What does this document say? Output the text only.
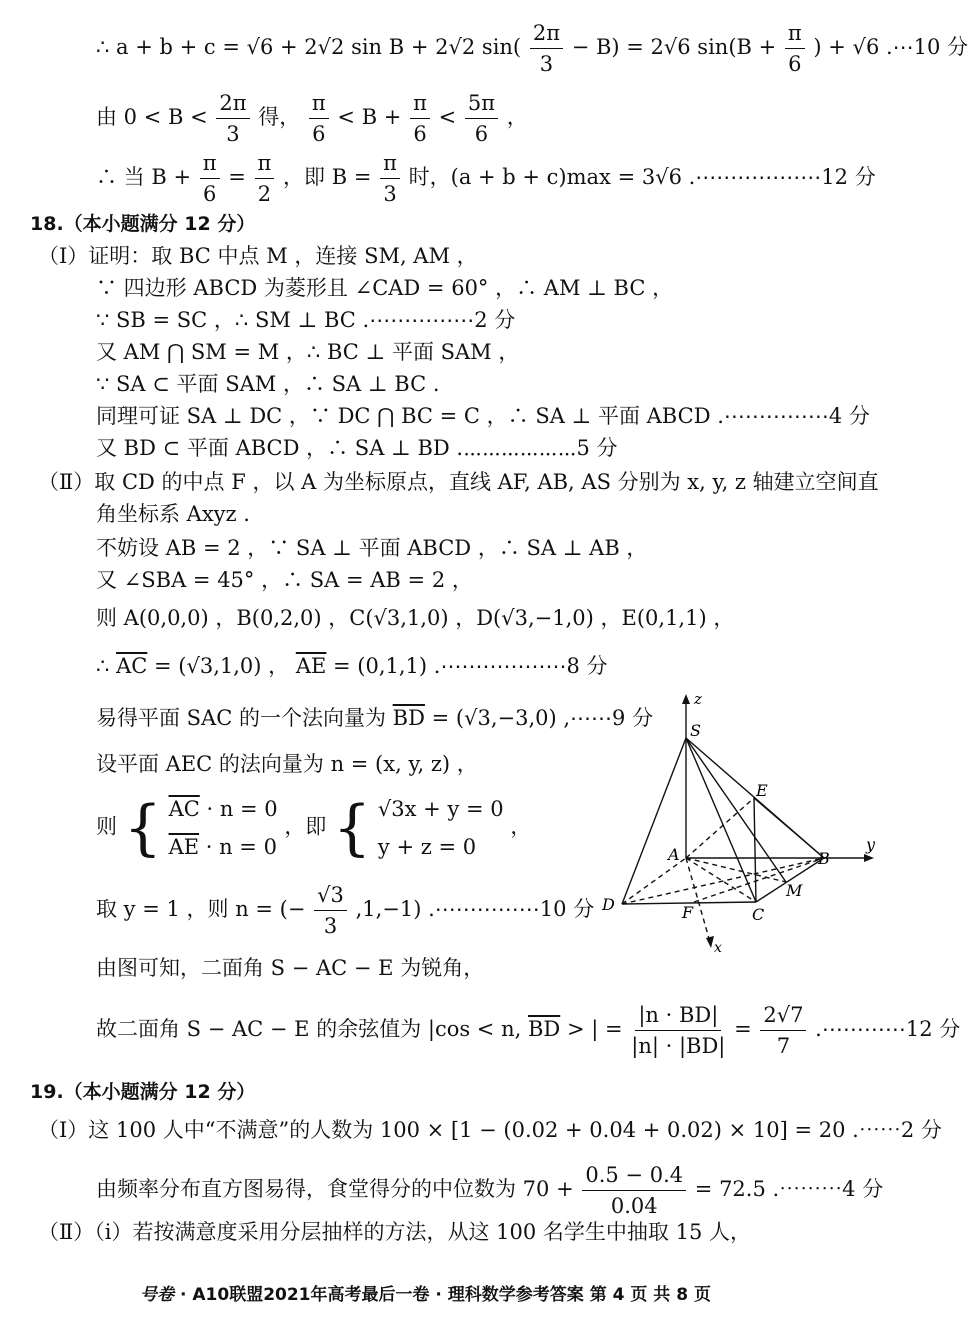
∴ a + b + c = √6 + 2√2 sin B + 2√2 $\sin( \frac{2\pi}{3} - B) = 2√6$ $\sin(B + \frac{\pi}{6}$ ) + √6 .⋯10 分
由 $0 < B < \frac{2\pi}{3}$ 得， $\frac{\pi}{6} < B + \frac{\pi}{6} < \frac{5\pi}{6}$ ，
∴ 当 $B + \frac{\pi}{6} = \frac{\pi}{2}$ ，即 $B = \frac{\pi}{3}$ 时，(a + b + c)max = 3√6 .⋯⋯⋯⋯⋯⋯12 分
18.（本小题满分 12 分）
（Ⅰ）证明：取 BC 中点 M ，连接 SM, AM ，
∵ 四边形 ABCD 为菱形且 ∠CAD = 60° ，∴ AM ⊥ BC ，
∵ SB = SC ，∴ SM ⊥ BC .⋯⋯⋯⋯⋯2 分
又 AM ⋂ SM = M ，∴ BC ⊥ 平面 SAM ，
∵ SA ⊂ 平面 SAM ，∴ SA ⊥ BC .
同理可证 SA ⊥ DC ，∵ DC ⋂ BC = C ，∴ SA ⊥ 平面 ABCD .⋯⋯⋯⋯⋯4 分
又 BD ⊂ 平面 ABCD ，∴ SA ⊥ BD .⋯⋯⋯⋯⋯⋯5 分
（Ⅱ）取 CD 的中点 F ，以 A 为坐标原点，直线 AF, AB, AS 分别为 x, y, z 轴建立空间直
角坐标系 Axyz .
不妨设 AB = 2 ，∵ SA ⊥ 平面 ABCD ，∴ SA ⊥ AB ，
又 ∠SBA = 45° ，∴ SA = AB = 2 ，
则 A(0,0,0) ，B(0,2,0) ，C(√3,1,0) ，D(√3,−1,0) ，E(0,1,1) ，
∴ $\overline{AC} = (√3,1,0)$ ， $\overline{AE} = (0,1,1)$ .⋯⋯⋯⋯⋯⋯8 分
易得平面 SAC 的一个法向量为 $\overline{BD} = (√3,-3,0)$ ,⋯⋯9 分
设平面 AEC 的法向量为 n = (x, y, z) ，
则 { $\overline{AC} \cdot n = 0$
$\overline{AE} \cdot n = 0$
，即 { √3x + y = 0
y + z = 0
，
取 y = 1 ，则 n = (− $\frac{√3}{3} ,1,-1$) .⋯⋯⋯⋯⋯10 分
由图可知，二面角 S − AC − E 为锐角，
故二面角 S − AC − E 的余弦值为 |cos < n, $\overline{BD}$ > | = $\frac{|n \cdot BD|}{|n| \cdot |BD|} = \frac{2√7}{7}$ .⋯⋯⋯⋯12 分
19.（本小题满分 12 分）
（Ⅰ）这 100 人中“不满意”的人数为 100 × [1 − (0.02 + 0.04 + 0.02) × 10] = 20 .⋯⋯2 分
由频率分布直方图易得，食堂得分的中位数为 $70 + \frac{0.5 - 0.4}{0.04} = 72.5$ .⋯⋯⋯4 分
（Ⅱ）（ⅰ）若按满意度采用分层抽样的方法，从这 100 名学生中抽取 15 人，
z
S
E
A	B
y
M
D	F	C
x
号卷 · A10联盟2021年高考最后一卷 · 理科数学参考答案 第 4 页 共 8 页
